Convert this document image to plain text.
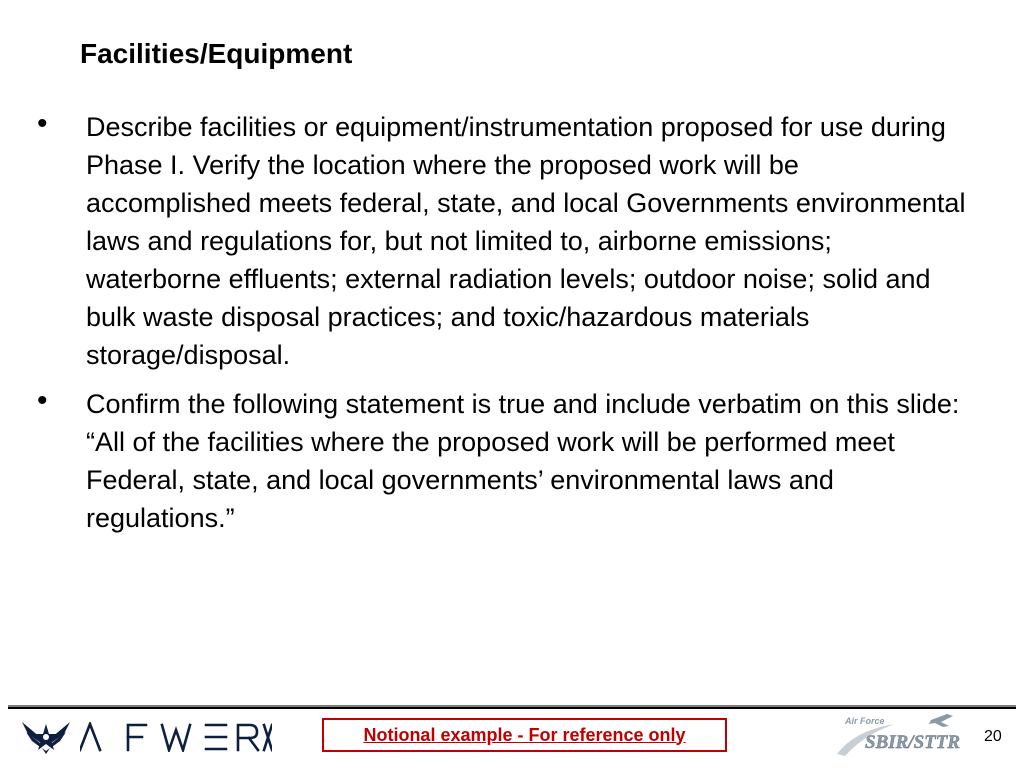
Facilities/Equipment
• Describe facilities or equipment/instrumentation proposed for use during Phase I. Verify the location where the proposed work will be accomplished meets federal, state, and local Governments environmental laws and regulations for, but not limited to, airborne emissions; waterborne effluents; external radiation levels; outdoor noise; solid and bulk waste disposal practices; and toxic/hazardous materials storage/disposal.
• Confirm the following statement is true and include verbatim on this slide: “All of the facilities where the proposed work will be performed meet Federal, state, and local governments’ environmental laws and regulations.”
Notional example - For reference only
Air Force
SBIR/STTR 20
